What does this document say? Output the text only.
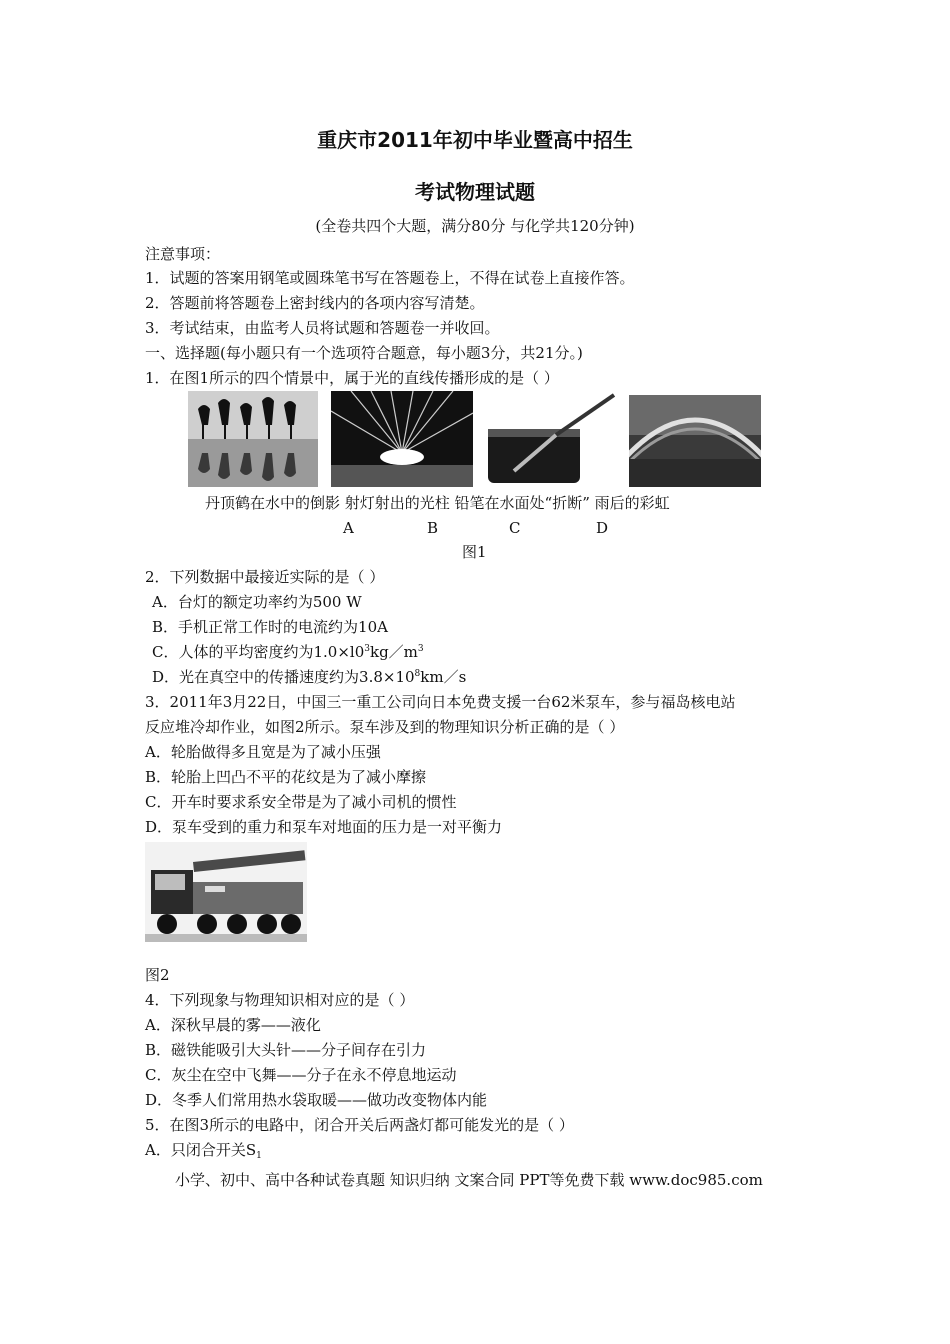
重庆市2011年初中毕业暨高中招生
考试物理试题
(全卷共四个大题，满分80分 与化学共120分钟)
注意事项：
1．试题的答案用钢笔或圆珠笔书写在答题卷上，不得在试卷上直接作答。
2．答题前将答题卷上密封线内的各项内容写清楚。
3．考试结束，由监考人员将试题和答题卷一并收回。
一、选择题(每小题只有一个选项符合题意，每小题3分，共21分。)
1．在图1所示的四个情景中，属于光的直线传播形成的是（ ）
丹顶鹤在水中的倒影 射灯射出的光柱 铅笔在水面处“折断” 雨后的彩虹
A	B	C	D
图1
2．下列数据中最接近实际的是（ ）
A．台灯的额定功率约为500 W
B．手机正常工作时的电流约为10A
C．人体的平均密度约为$1.0\times l0^3kg/m^3$
D．光在真空中的传播速度约为$3.8\times 10^8km/s$
3．2011年3月22日，中国三一重工公司向日本免费支援一台62米泵车，参与福岛核电站
反应堆冷却作业，如图2所示。泵车涉及到的物理知识分析正确的是（ ）
A．轮胎做得多且宽是为了减小压强
B．轮胎上凹凸不平的花纹是为了减小摩擦
C．开车时要求系安全带是为了减小司机的惯性
D．泵车受到的重力和泵车对地面的压力是一对平衡力
图2
4．下列现象与物理知识相对应的是（ ）
A．深秋早晨的雾——液化
B．磁铁能吸引大头针——分子间存在引力
C．灰尘在空中飞舞——分子在永不停息地运动
D．冬季人们常用热水袋取暖——做功改变物体内能
5．在图3所示的电路中，闭合开关后两盏灯都可能发光的是（ ）
A．只闭合开关$S_1$
小学、初中、高中各种试卷真题 知识归纳 文案合同 PPT等免费下载 www.doc985.com
